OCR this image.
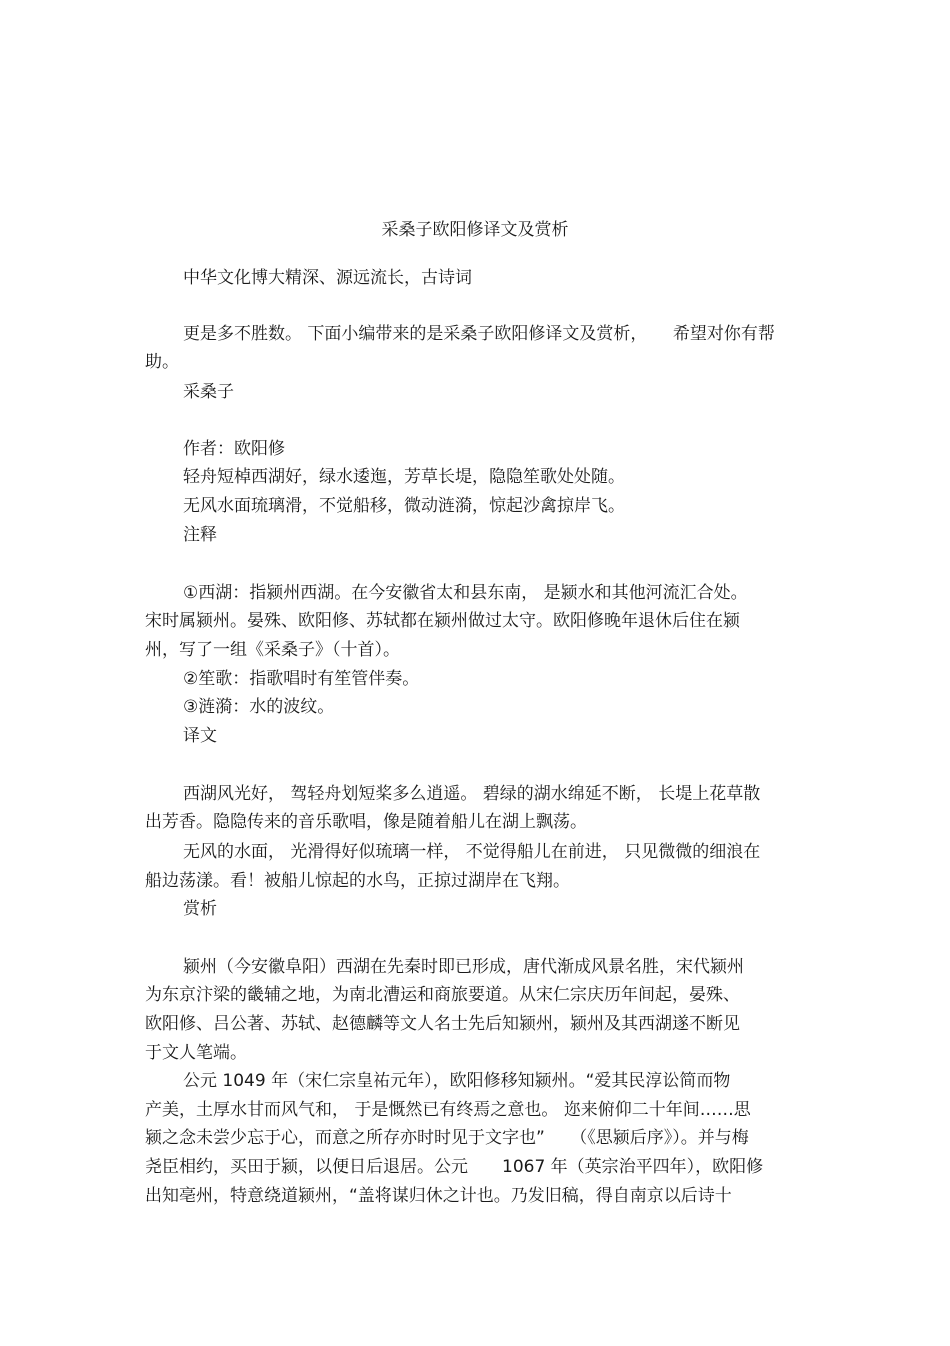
采桑子欧阳修译文及赏析

中华文化博大精深、源远流长，古诗词

更是多不胜数。 下面小编带来的是采桑子欧阳修译文及赏析，　　希望对你有帮

助。

采桑子

作者：欧阳修

轻舟短棹西湖好，绿水逶迤，芳草长堤，隐隐笙歌处处随。

无风水面琉璃滑，不觉船移，微动涟漪，惊起沙禽掠岸飞。

注释

①西湖：指颍州西湖。在今安徽省太和县东南， 是颍水和其他河流汇合处。

宋时属颍州。晏殊、欧阳修、苏轼都在颍州做过太守。欧阳修晚年退休后住在颍

州，写了一组《采桑子》（十首）。

②笙歌：指歌唱时有笙管伴奏。

③涟漪：水的波纹。

译文

西湖风光好， 驾轻舟划短桨多么逍遥。 碧绿的湖水绵延不断， 长堤上花草散

出芳香。隐隐传来的音乐歌唱，像是随着船儿在湖上飘荡。

无风的水面， 光滑得好似琉璃一样， 不觉得船儿在前进， 只见微微的细浪在

船边荡漾。看！被船儿惊起的水鸟，正掠过湖岸在飞翔。

赏析

颍州（今安徽阜阳）西湖在先秦时即已形成，唐代渐成风景名胜，宋代颍州

为东京汴梁的畿辅之地，为南北漕运和商旅要道。从宋仁宗庆历年间起，晏殊、

欧阳修、吕公著、苏轼、赵德麟等文人名士先后知颍州，颍州及其西湖遂不断见

于文人笔端。

公元 1049 年（宋仁宗皇祐元年），欧阳修移知颍州。“爱其民淳讼简而物

产美，土厚水甘而风气和， 于是慨然已有终焉之意也。 迩来俯仰二十年间……思

颍之念未尝少忘于心，而意之所存亦时时见于文字也”　　（《思颍后序》）。并与梅

尧臣相约，买田于颍，以便日后退居。公元　　1067 年（英宗治平四年），欧阳修

出知亳州，特意绕道颍州，“盖将谋归休之计也。乃发旧稿，得自南京以后诗十
